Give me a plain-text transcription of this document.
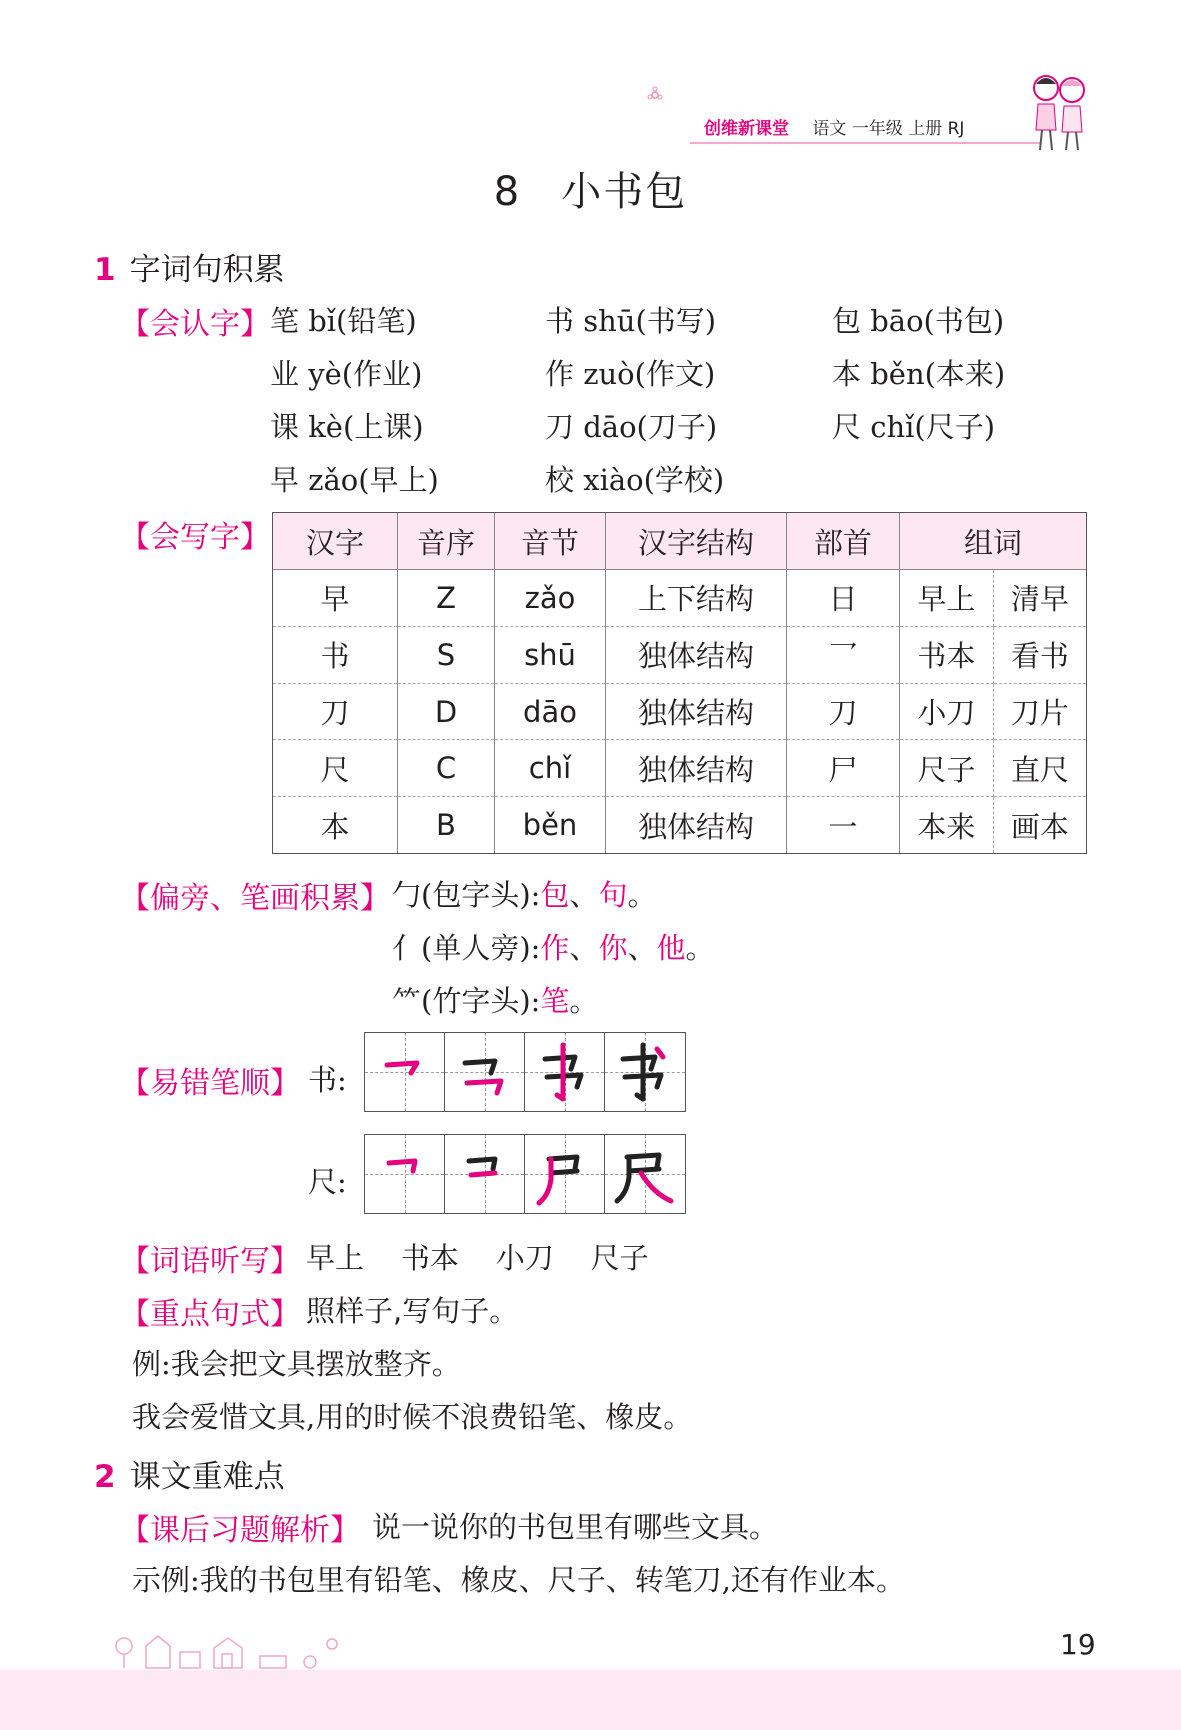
创维新课堂 语文 一年级 上册 RJ
8 小书包
1 字词句积累
【会认字】 笔 bǐ(铅笔)	书 shū(书写)	包 bāo(书包)
业 yè(作业)	作 zuò(作文)	本 běn(本来)
课 kè(上课)	刀 dāo(刀子)	尺 chǐ(尺子)
早 zǎo(早上)	校 xiào(学校)
【会写字】 汉字	音序	音节	汉字结构	部首	组词	
早	Z	zǎo	上下结构	日	早上	清早
书	S	shū	独体结构	乛	书本	看书
刀	D	dāo	独体结构	刀	小刀	刀片
尺	C	chǐ	独体结构	尸	尺子	直尺
本	B	běn	独体结构	一	本来	画本
【偏旁、笔画积累】 勹(包字头):包、句。
亻(单人旁):作、你、他。
⺮(竹字头):笔。
【易错笔顺】 书:
尺:
【词语听写】 早上    书本    小刀    尺子
【重点句式】 照样子,写句子。
例:我会把文具摆放整齐。
我会爱惜文具,用的时候不浪费铅笔、橡皮。
2 课文重难点
【课后习题解析】 说一说你的书包里有哪些文具。
示例:我的书包里有铅笔、橡皮、尺子、转笔刀,还有作业本。
19
